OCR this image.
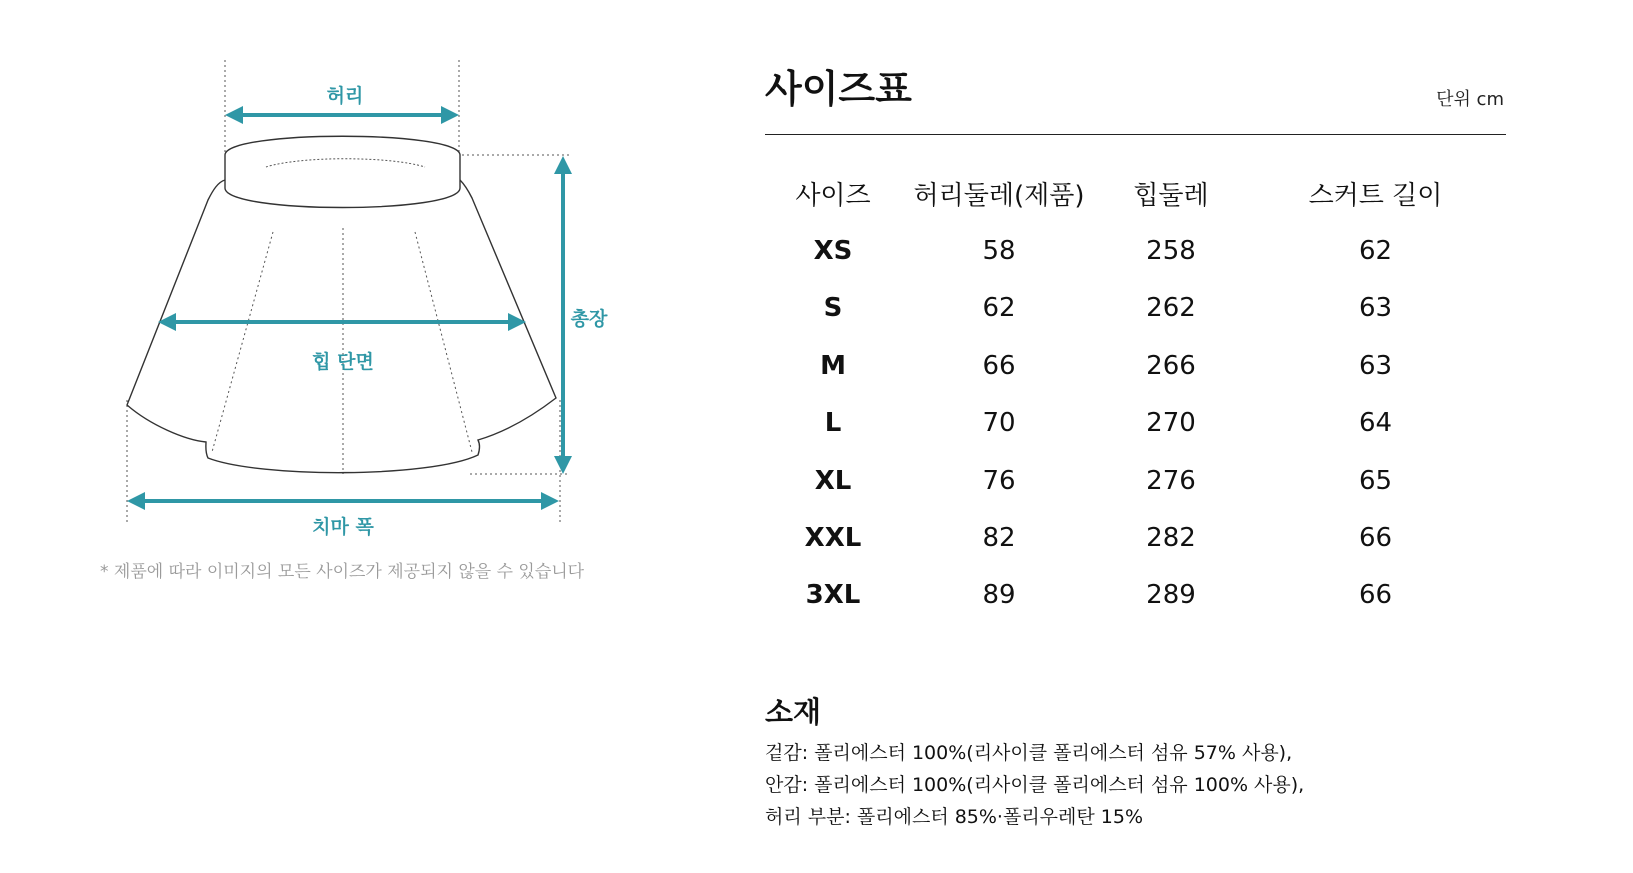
허리
총장
힙 단면
치마 폭
* 제품에 따라 이미지의 모든 사이즈가 제공되지 않을 수 있습니다
사이즈표	단위 cm
사이즈	허리둘레(제품)	힙둘레	스커트 길이
XS	58	258	62
S	62	262	63
M	66	266	63
L	70	270	64
XL	76	276	65
XXL	82	282	66
3XL	89	289	66
소재
겉감: 폴리에스터 100%(리사이클 폴리에스터 섬유 57% 사용),
안감: 폴리에스터 100%(리사이클 폴리에스터 섬유 100% 사용),
허리 부분: 폴리에스터 85%·폴리우레탄 15%
